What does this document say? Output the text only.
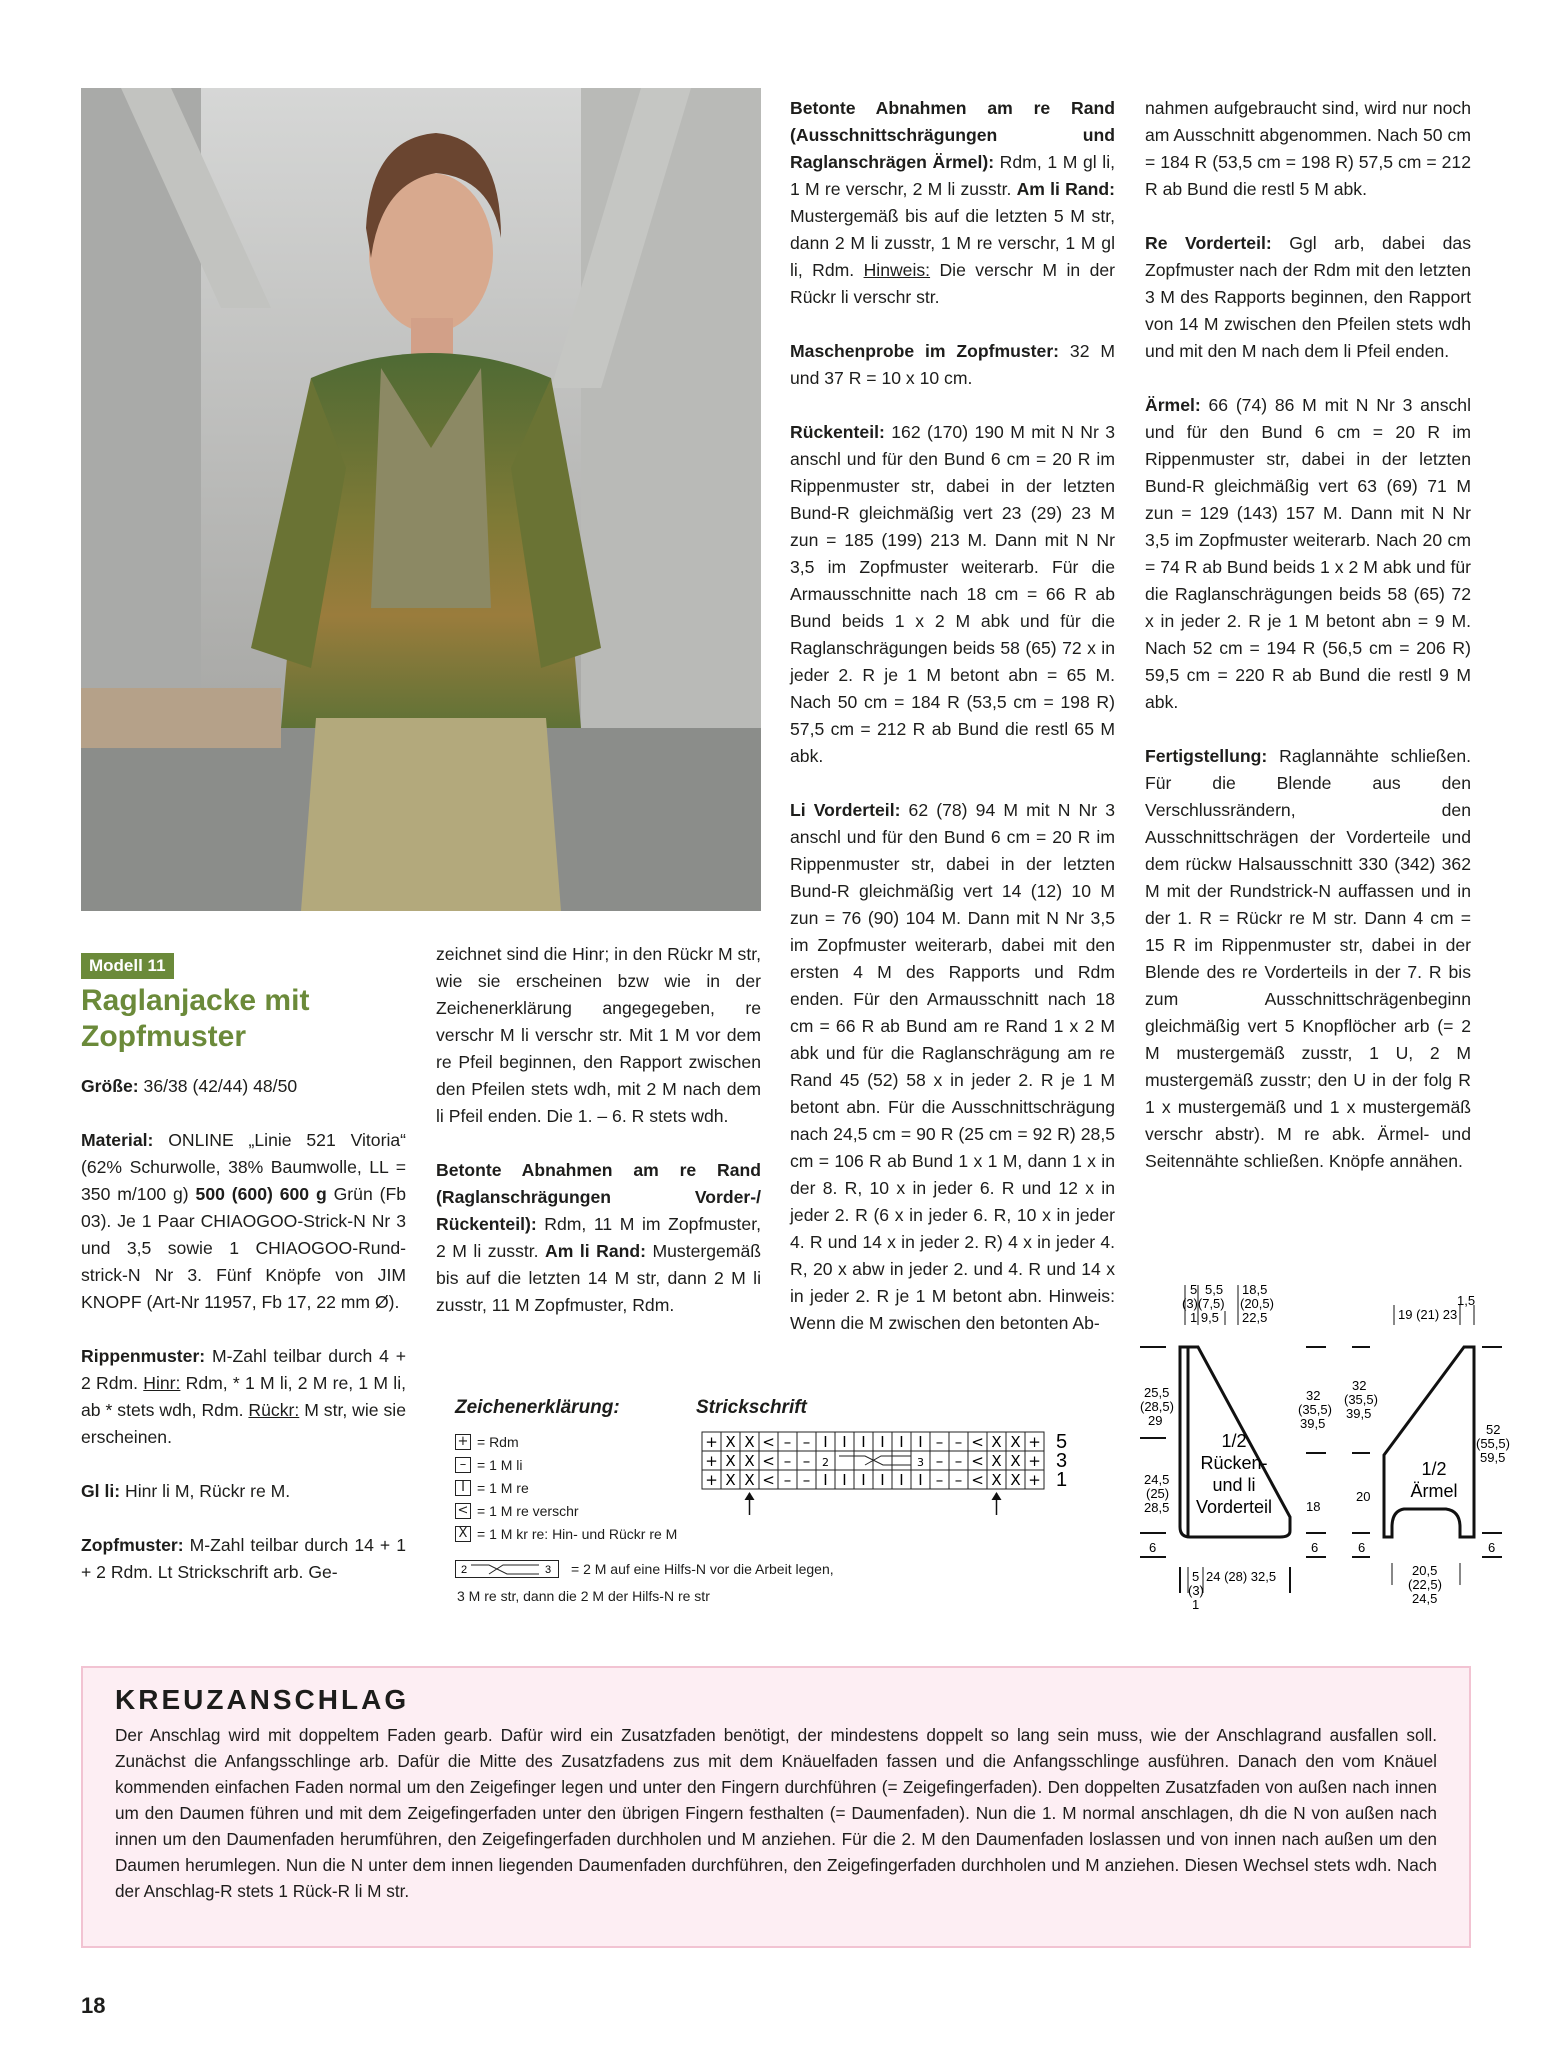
Modell 11
Raglanjacke mit
Zopfmuster

Größe: 36/38 (42/44) 48/50

Material: ONLINE „Linie 521 Vitoria“ (62% Schurwolle, 38% Baumwolle, LL = 350 m/100 g) 500 (600) 600 g Grün (Fb 03). Je 1 Paar CHIAOGOO-Strick-N Nr 3 und 3,5 sowie 1 CHIAOGOO-Rund-strick-N Nr 3. Fünf Knöpfe von JIM KNOPF (Art-Nr 11957, Fb 17, 22 mm Ø).

Rippenmuster: M-Zahl teilbar durch 4 + 2 Rdm. Hinr: Rdm, * 1 M li, 2 M re, 1 M li, ab * stets wdh, Rdm. Rückr: M str, wie sie erscheinen.

Gl li: Hinr li M, Rückr re M.

Zopfmuster: M-Zahl teilbar durch 14 + 1 + 2 Rdm. Lt Strickschrift arb. Ge-

zeichnet sind die Hinr; in den Rückr M str, wie sie erscheinen bzw wie in der Zeichenerklärung angegegeben, re verschr M li verschr str. Mit 1 M vor dem re Pfeil beginnen, den Rapport zwischen den Pfeilen stets wdh, mit 2 M nach dem li Pfeil enden. Die 1. – 6. R stets wdh.

Betonte Abnahmen am re Rand (Raglanschrägungen Vorder-/ Rückenteil): Rdm, 11 M im Zopfmuster, 2 M li zusstr. Am li Rand: Mustergemäß bis auf die letzten 14 M str, dann 2 M li zusstr, 11 M Zopfmuster, Rdm.

Betonte Abnahmen am re Rand (Ausschnittschrägungen und Raglanschrägen Ärmel): Rdm, 1 M gl li, 1 M re verschr, 2 M li zusstr. Am li Rand: Mustergemäß bis auf die letzten 5 M str, dann 2 M li zusstr, 1 M re verschr, 1 M gl li, Rdm. Hinweis: Die verschr M in der Rückr li verschr str.

Maschenprobe im Zopfmuster: 32 M und 37 R = 10 x 10 cm.

Rückenteil: 162 (170) 190 M mit N Nr 3 anschl und für den Bund 6 cm = 20 R im Rippenmuster str, dabei in der letzten Bund-R gleichmäßig vert 23 (29) 23 M zun = 185 (199) 213 M. Dann mit N Nr 3,5 im Zopfmuster weiterarb. Für die Armausschnitte nach 18 cm = 66 R ab Bund beids 1 x 2 M abk und für die Raglanschrägungen beids 58 (65) 72 x in jeder 2. R je 1 M betont abn = 65 M. Nach 50 cm = 184 R (53,5 cm = 198 R) 57,5 cm = 212 R ab Bund die restl 65 M abk.

Li Vorderteil: 62 (78) 94 M mit N Nr 3 anschl und für den Bund 6 cm = 20 R im Rippenmuster str, dabei in der letzten Bund-R gleichmäßig vert 14 (12) 10 M zun = 76 (90) 104 M. Dann mit N Nr 3,5 im Zopfmuster weiterarb, dabei mit den ersten 4 M des Rapports und Rdm enden. Für den Armausschnitt nach 18 cm = 66 R ab Bund am re Rand 1 x 2 M abk und für die Raglanschrägung am re Rand 45 (52) 58 x in jeder 2. R je 1 M betont abn. Für die Ausschnittschrägung nach 24,5 cm = 90 R (25 cm = 92 R) 28,5 cm = 106 R ab Bund 1 x 1 M, dann 1 x in der 8. R, 10 x in jeder 6. R und 12 x in jeder 2. R (6 x in jeder 6. R, 10 x in jeder 4. R und 14 x in jeder 2. R) 4 x in jeder 4. R, 20 x abw in jeder 2. und 4. R und 14 x in jeder 2. R je 1 M betont abn. Hinweis: Wenn die M zwischen den betonten Ab-

nahmen aufgebraucht sind, wird nur noch am Ausschnitt abgenommen. Nach 50 cm = 184 R (53,5 cm = 198 R) 57,5 cm = 212 R ab Bund die restl 5 M abk.

Re Vorderteil: Ggl arb, dabei das Zopfmuster nach der Rdm mit den letzten 3 M des Rapports beginnen, den Rapport von 14 M zwischen den Pfeilen stets wdh und mit den M nach dem li Pfeil enden.

Ärmel: 66 (74) 86 M mit N Nr 3 anschl und für den Bund 6 cm = 20 R im Rippenmuster str, dabei in der letzten Bund-R gleichmäßig vert 63 (69) 71 M zun = 129 (143) 157 M. Dann mit N Nr 3,5 im Zopfmuster weiterarb. Nach 20 cm = 74 R ab Bund beids 1 x 2 M abk und für die Raglanschrägungen beids 58 (65) 72 x in jeder 2. R je 1 M betont abn = 9 M. Nach 52 cm = 194 R (56,5 cm = 206 R) 59,5 cm = 220 R ab Bund die restl 9 M abk.

Fertigstellung: Raglannähte schließen. Für die Blende aus den Verschlussrändern, den Ausschnittschrägen der Vorderteile und dem rückw Halsausschnitt 330 (342) 362 M mit der Rundstrick-N auffassen und in der 1. R = Rückr re M str. Dann 4 cm = 15 R im Rippenmuster str, dabei in der Blende des re Vorderteils in der 7. R bis zum Ausschnittschrägenbeginn gleichmäßig vert 5 Knopflöcher arb (= 2 M mustergemäß zusstr, 1 U, 2 M mustergemäß zusstr; den U in der folg R 1 x mustergemäß und 1 x mustergemäß verschr abstr). M re abk. Ärmel- und Seitennähte schließen. Knöpfe annähen.

Zeichenerklärung:
+ = Rdm
– = 1 M li
I = 1 M re
< = 1 M re verschr
X = 1 M kr re: Hin- und Rückr re M
2	3 = 2 M auf eine Hilfs-N vor die Arbeit legen,
3 M re str, dann die 2 M der Hilfs-N re str
Strickschrift
+ X X < – – I I I I I I – – < X X + 5
+ X X < – – 2	3 – – < X X + 3
+ X X < – – I I I I I I – – < X X + 1
1/2
Rücken-
und li
Vorderteil
5 5,5 18,5
(3)(7,5) (20,5)
1 9,5 22,5
25,5
(28,5)
29
24,5
(25)
28,5
6
32
(35,5)
39,5
18
6
5
(3)
1
24 (28) 32,5
1/2
Ärmel
19 (21) 23
1,5
32
(35,5)
39,5
20
6
52
(55,5)
59,5
6
20,5
(22,5)
24,5
KREUZANSCHLAG
Der Anschlag wird mit doppeltem Faden gearb. Dafür wird ein Zusatzfaden benötigt, der mindestens doppelt so lang sein muss, wie der Anschlagrand ausfallen soll. Zunächst die Anfangsschlinge arb. Dafür die Mitte des Zusatzfadens zus mit dem Knäuelfaden fassen und die Anfangsschlinge ausführen. Danach den vom Knäuel kommenden einfachen Faden normal um den Zeigefinger legen und unter den Fingern durchführen (= Zeigefingerfaden). Den doppelten Zusatzfaden von außen nach innen um den Daumen führen und mit dem Zeigefingerfaden unter den übrigen Fingern festhalten (= Daumenfaden). Nun die 1. M normal anschlagen, dh die N von außen nach innen um den Daumenfaden herumführen, den Zeigefingerfaden durchholen und M anziehen. Für die 2. M den Daumenfaden loslassen und von innen nach außen um den Daumen herumlegen. Nun die N unter dem innen liegenden Daumenfaden durchführen, den Zeigefingerfaden durchholen und M anziehen. Diesen Wechsel stets wdh. Nach der Anschlag-R stets 1 Rück-R li M str.
18
